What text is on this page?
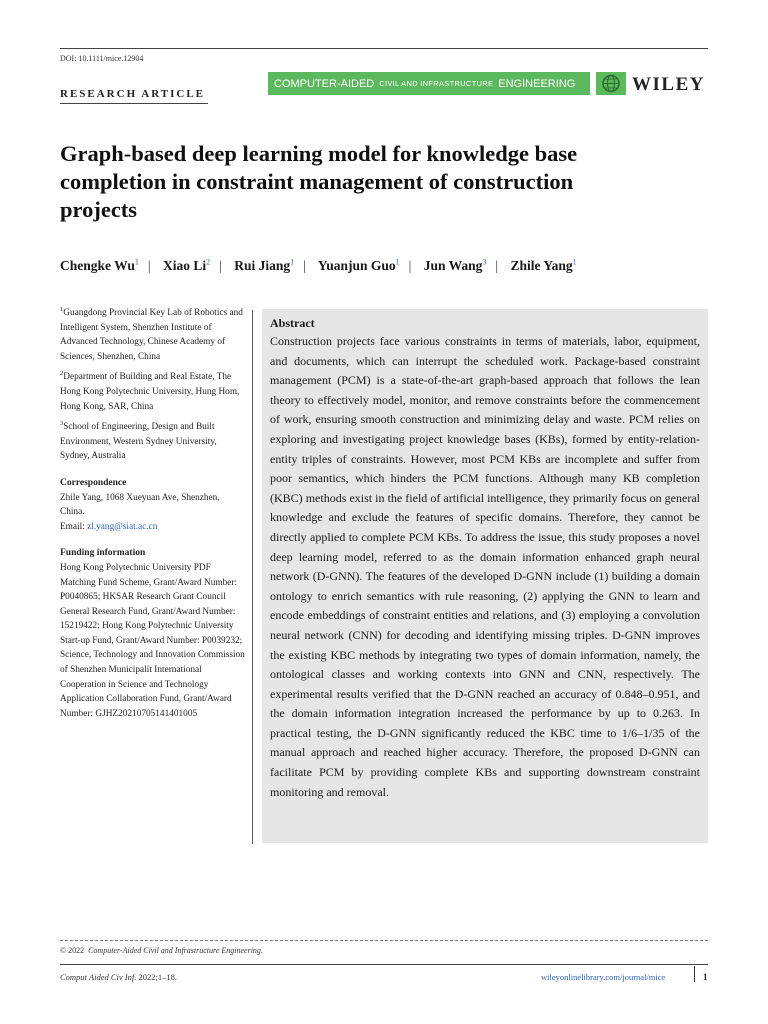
DOI: 10.1111/mice.12904
RESEARCH ARTICLE
COMPUTER-AIDED CIVIL AND INFRASTRUCTURE ENGINEERING	WILEY
Graph-based deep learning model for knowledge base completion in constraint management of construction projects
Chengke Wu$^1$ | Xiao Li$^2$ | Rui Jiang$^1$ | Yuanjun Guo$^1$ | Jun Wang$^3$ | Zhile Yang$^1$

$^1$Guangdong Provincial Key Lab of Robotics and Intelligent System, Shenzhen Institute of Advanced Technology, Chinese Academy of Sciences, Shenzhen, China

$^2$Department of Building and Real Estate, The Hong Kong Polytechnic University, Hung Hom, Hong Kong, SAR, China

$^3$School of Engineering, Design and Built Environment, Western Sydney University, Sydney, Australia

Correspondence
Zhile Yang, 1068 Xueyuan Ave, Shenzhen, China.
Email: zl.yang@siat.ac.cn
Funding information
Hong Kong Polytechnic University PDF Matching Fund Scheme, Grant/Award Number: P0040865; HKSAR Research Grant Council General Research Fund, Grant/Award Number: 15219422; Hong Kong Polytechnic University Start-up Fund, Grant/Award Number: P0039232; Science, Technology and Innovation Commission of Shenzhen Municipalit International Cooperation in Science and Technology Application Collaboration Fund, Grant/Award Number: GJHZ20210705141401005
Abstract
Construction projects face various constraints in terms of materials, labor, equipment, and documents, which can interrupt the scheduled work. Package-based constraint management (PCM) is a state-of-the-art graph-based approach that follows the lean theory to effectively model, monitor, and remove constraints before the commencement of work, ensuring smooth construction and minimizing delay and waste. PCM relies on exploring and investigating project knowledge bases (KBs), formed by entity-relation-entity triples of constraints. However, most PCM KBs are incomplete and suffer from poor semantics, which hinders the PCM functions. Although many KB completion (KBC) methods exist in the field of artificial intelligence, they primarily focus on general knowledge and exclude the features of specific domains. Therefore, they cannot be directly applied to complete PCM KBs. To address the issue, this study proposes a novel deep learning model, referred to as the domain information enhanced graph neural network (D-GNN). The features of the developed D-GNN include (1) building a domain ontology to enrich semantics with rule reasoning, (2) applying the GNN to learn and encode embeddings of constraint entities and relations, and (3) employing a convolution neural network (CNN) for decoding and identifying missing triples. D-GNN improves the existing KBC methods by integrating two types of domain information, namely, the ontological classes and working contexts into GNN and CNN, respectively. The experimental results verified that the D-GNN reached an accuracy of 0.848–0.951, and the domain information integration increased the performance by up to 0.263. In practical testing, the D-GNN significantly reduced the KBC time to 1/6–1/35 of the manual approach and reached higher accuracy. Therefore, the proposed D-GNN can facilitate PCM by providing complete KBs and supporting downstream constraint monitoring and removal.
© 2022 Computer-Aided Civil and Infrastructure Engineering.
Comput Aided Civ Inf. 2022;1–18.	wileyonlinelibrary.com/journal/mice	1
